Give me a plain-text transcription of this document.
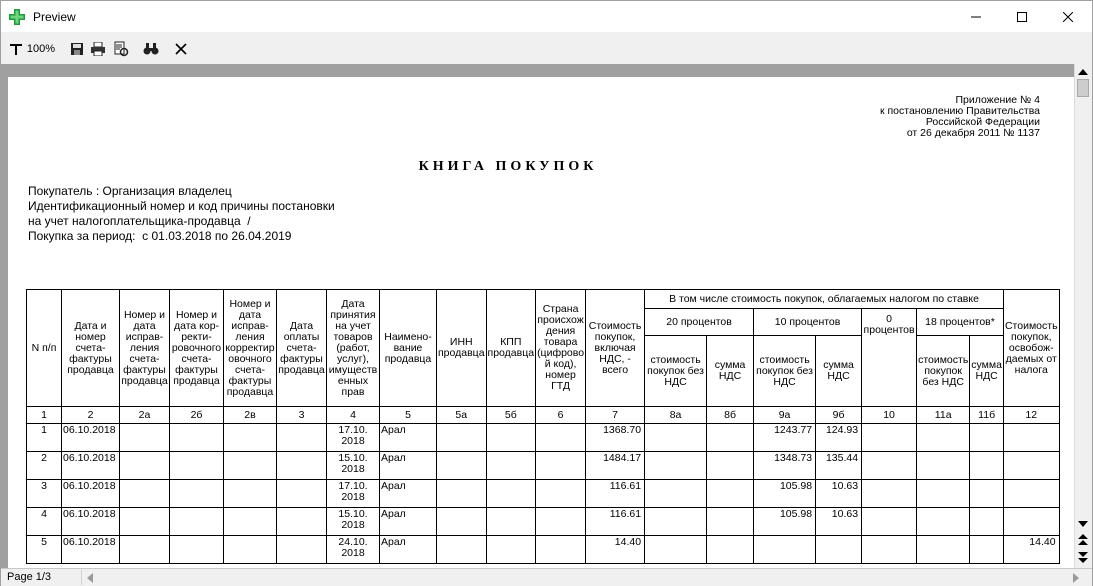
Preview
100%
Приложение № 4
к постановлению Правительства
Российской Федерации
от 26 декабря 2011 № 1137
КНИГА ПОКУПОК
Покупатель : Организация владелец
Идентификационный номер и код причины постановки
на учет налогоплательщика-продавца  /
Покупка за период:  с 01.03.2018 по 26.04.2019
N п/п	Дата и номер счета-фактуры продавца	Номер и дата исправ-ления счета-фактуры продавца	Номер и дата кор-ректи-ровочного счета-фактуры продавца	Номер и дата исправ-ления корректир овочного счета-фактуры продавца	Дата оплаты счета-фактуры продавца	Дата принятия на учет товаров (работ, услуг), имуществ енных прав	Наимено-вание продавца	ИНН продавца	КПП продавца	Страна происхож дения товара (цифрово й код), номер ГТД	Стоимость покупок, включая НДС, - всего	В том числе стоимость покупок, облагаемых налогом по ставке							Стоимость покупок, освобож-даемых от налога
												20 процентов		10 процентов		0 процентов	18 процентов*		
												стоимость покупок без НДС	сумма НДС	стоимость покупок без НДС	сумма НДС		стоимость покупок без НДС	сумма НДС	
1	2	2а	2б	2в	3	4	5	5а	5б	6	7	8а	8б	9а	9б	10	11а	11б	12
1	06.10.2018					17.10. 2018	Арал				1368.70			1243.77	124.93				
2	06.10.2018					15.10. 2018	Арал				1484.17			1348.73	135.44				
3	06.10.2018					17.10. 2018	Арал				116.61			105.98	10.63				
4	06.10.2018					15.10. 2018	Арал				116.61			105.98	10.63				
5	06.10.2018					24.10. 2018	Арал				14.40								14.40
Page 1/3
